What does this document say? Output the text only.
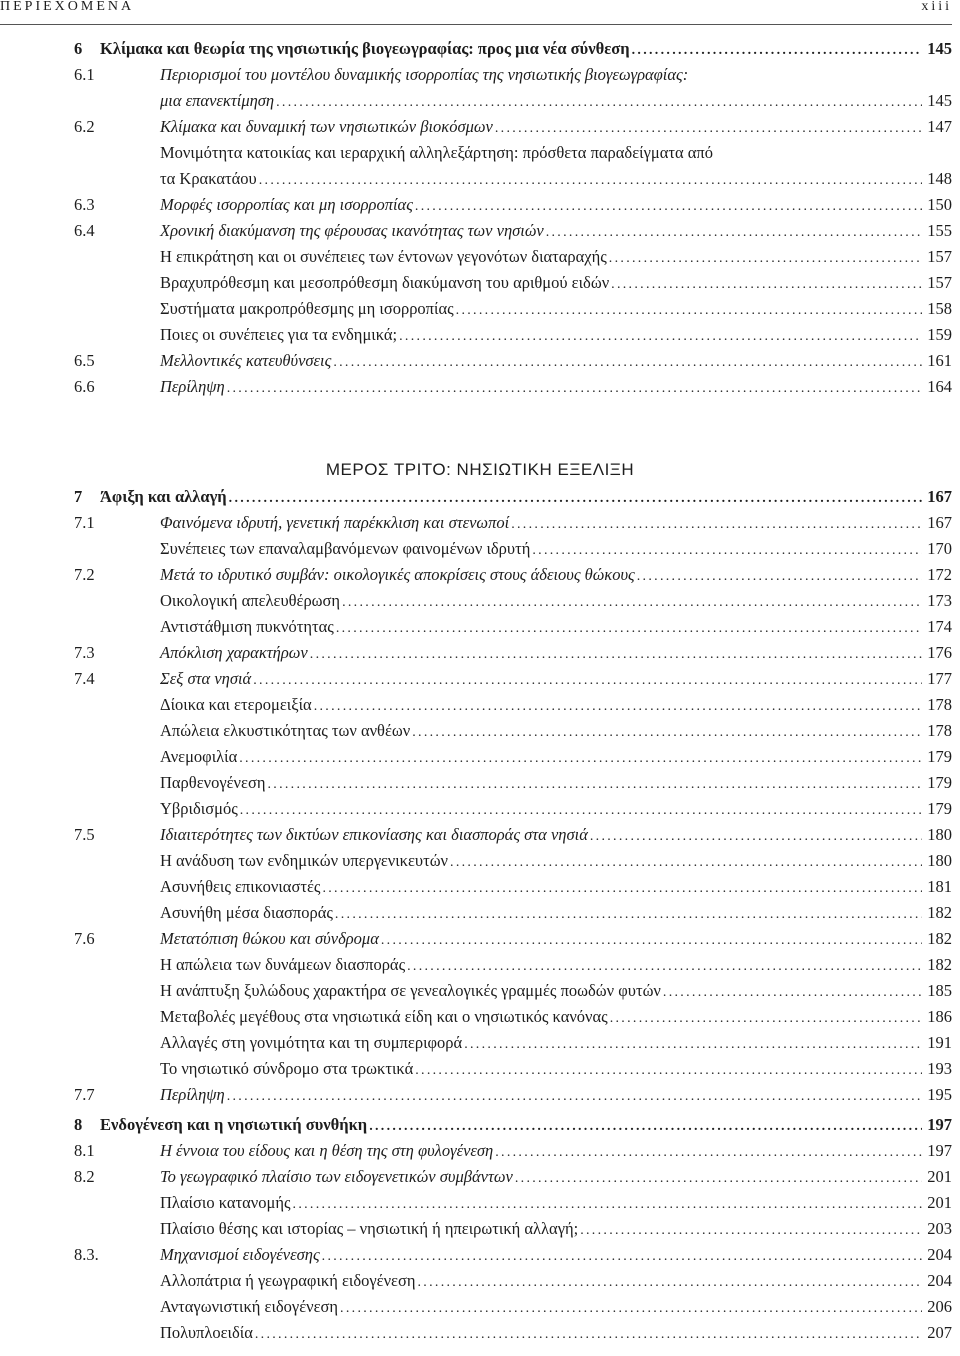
ΠΕΡΙΕΧΟΜΕΝΑ	xiii
ΜΕΡΟΣ ΤΡΙΤΟ: ΝΗΣΙΩΤΙΚΗ ΕΞΕΛΙΞΗ
6	Κλίμακα και θεωρία της νησιωτικής βιογεωγραφίας: προς μια νέα σύνθεση . . .	145
6.1	Περιορισμοί του μοντέλου δυναμικής ισορροπίας της νησιωτικής βιογεωγραφίας:
μια επανεκτίμηση . . .	145
6.2	Κλίμακα και δυναμική των νησιωτικών βιοκόσμων . . .	147
Μονιμότητα κατοικίας και ιεραρχική αλληλεξάρτηση: πρόσθετα παραδείγματα από
τα Κρακατάου . . .	148
6.3	Μορφές ισορροπίας και μη ισορροπίας . . .	150
6.4	Χρονική διακύμανση της φέρουσας ικανότητας των νησιών . . .	155
Η επικράτηση και οι συνέπειες των έντονων γεγονότων διαταραχής . . .	157
Βραχυπρόθεσμη και μεσοπρόθεσμη διακύμανση του αριθμού ειδών . . .	157
Συστήματα μακροπρόθεσμης μη ισορροπίας . . .	158
Ποιες οι συνέπειες για τα ενδημικά; . . .	159
6.5	Μελλοντικές κατευθύνσεις . . .	161
6.6	Περίληψη . . .	164
7	Άφιξη και αλλαγή . . .	167
7.1	Φαινόμενα ιδρυτή, γενετική παρέκκλιση και στενωποί . . .	167
Συνέπειες των επαναλαμβανόμενων φαινομένων ιδρυτή . . .	170
7.2	Μετά το ιδρυτικό συμβάν: οικολογικές αποκρίσεις στους άδειους θώκους . . .	172
Οικολογική απελευθέρωση . . .	173
Αντιστάθμιση πυκνότητας . . .	174
7.3	Απόκλιση χαρακτήρων . . .	176
7.4	Σεξ στα νησιά . . .	177
Δίοικα και ετερομειξία . . .	178
Απώλεια ελκυστικότητας των ανθέων . . .	178
Ανεμοφιλία . . .	179
Παρθενογένεση . . .	179
Υβριδισμός . . .	179
7.5	Ιδιαιτερότητες των δικτύων επικονίασης και διασποράς στα νησιά . . .	180
Η ανάδυση των ενδημικών υπεργενικευτών . . .	180
Ασυνήθεις επικονιαστές . . .	181
Ασυνήθη μέσα διασποράς . . .	182
7.6	Μετατόπιση θώκου και σύνδρομα . . .	182
Η απώλεια των δυνάμεων διασποράς . . .	182
Η ανάπτυξη ξυλώδους χαρακτήρα σε γενεαλογικές γραμμές ποωδών φυτών . . .	185
Μεταβολές μεγέθους στα νησιωτικά είδη και ο νησιωτικός κανόνας . . .	186
Αλλαγές στη γονιμότητα και τη συμπεριφορά . . .	191
Το νησιωτικό σύνδρομο στα τρωκτικά . . .	193
7.7	Περίληψη . . .	195
8	Ενδογένεση και η νησιωτική συνθήκη . . .	197
8.1	Η έννοια του είδους και η θέση της στη φυλογένεση . . .	197
8.2	Το γεωγραφικό πλαίσιο των ειδογενετικών συμβάντων . . .	201
Πλαίσιο κατανομής . . .	201
Πλαίσιο θέσης και ιστορίας – νησιωτική ή ηπειρωτική αλλαγή; . . .	203
8.3.	Μηχανισμοί ειδογένεσης . . .	204
Αλλοπάτρια ή γεωγραφική ειδογένεση . . .	204
Ανταγωνιστική ειδογένεση . . .	206
Πολυπλοειδία . . .	207
